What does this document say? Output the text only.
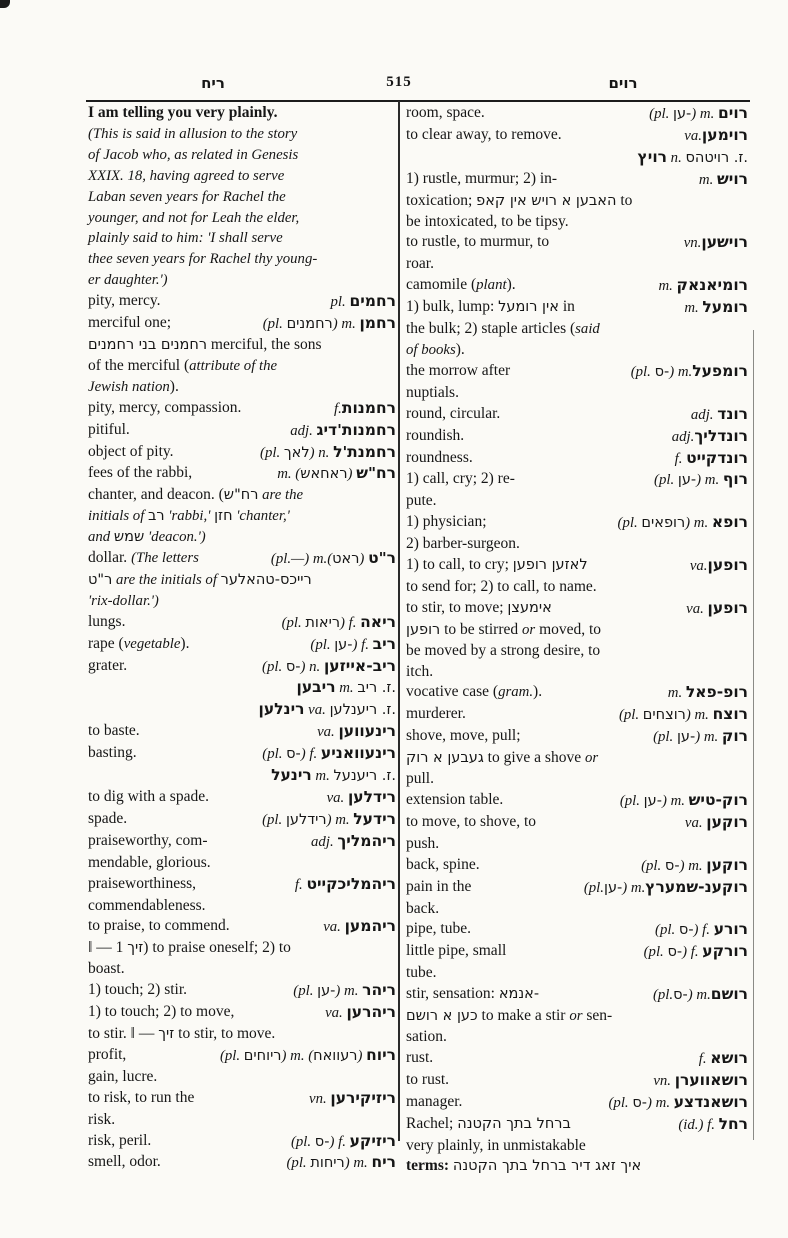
ריח	515	רוים
I am telling you very plainly.
(This is said in allusion to the story
of Jacob who, as related in Genesis
XXIX. 18, having agreed to serve
Laban seven years for Rachel the
younger, and not for Leah the elder,
plainly said to him: 'I shall serve
thee seven years for Rachel thy young-
er daughter.')
pity, mercy.	pl. רחמים
merciful one;	(pl. רחמנים) m. רחמן
רחמנים בני רחמנים merciful, the sons
of the merciful (attribute of the
Jewish nation).
pity, mercy, compassion.	f.רחמנות
pitiful.	adj. רחמנות'דיג
object of pity.	(pl. לאך) n. רחמנת'ל
fees of the rabbi,	m. (ראחאש) רח"ש
chanter, and deacon. (רח"ש are the
initials of רב 'rabbi,' חזן 'chanter,'
and שמש 'deacon.')
dollar. (The letters	(pl.—) m.(ראט) ר"ט
ר"ט are the initials of רייכס-טהאלער
'rix-dollar.')
lungs.	(pl. ריאות) f. ריאה
rape (vegetable).	(pl. ען-) f. ריב
grater.	(pl. ס-) n. ריב-אייזען
ריבען m. ז. ריב.
רינלען va. ז. ריענלען.
to baste.	va. רינעווען
basting.	(pl. ס-) f. רינעוואניע
רינעל m. ז. ריענעל.
to dig with a spade.	va. רידלען
spade.	(pl. רידלען) m. רידעל
praiseworthy, com-	adj. ריהמליך
mendable, glorious.
praiseworthiness,	f. ריהמליכקייט
commendableness.
to praise, to commend.	va. ריהמען
‖ — זיך 1) to praise oneself; 2) to
boast.
1) touch; 2) stir.	(pl. ען-) m. ריהר
1) to touch; 2) to move,	va. ריהרען
to stir. ‖ — זיך to stir, to move.
profit,	(pl. ריוחים) m. (רעוואח) ריוח
gain, lucre.
to risk, to run the	vn. ריזיקירען
risk.
risk, peril.	(pl. ס-) f. ריזיקע
smell, odor.	(pl. ריחות) m. ריח
room, space.	(pl. ען-) m. רוים
to clear away, to remove.	va.רוימען
רויץ n. ז. רויטהס.
1) rustle, murmur; 2) in-	m. רויש
toxication; האבען א רויש אין קאפ to
be intoxicated, to be tipsy.
to rustle, to murmur, to	vn.רוישען
roar.
camomile (plant).	m. רומיאנאק
1) bulk, lump: אין רומעל in	m. רומעל
the bulk; 2) staple articles (said
of books).
the morrow after	(pl. ס-) m.רומפעל
nuptials.
round, circular.	adj. רונד
roundish.	adj.רונדליך
roundness.	f. רונדקייט
1) call, cry; 2) re-	(pl. ען-) m. רוף
pute.
1) physician;	(pl. רופאים) m. רופא
2) barber-surgeon.
1) to call, to cry; לאזען רופען	va.רופען
to send for; 2) to call, to name.
to stir, to move; אימעצן	va. רופען
רופען to be stirred or moved, to
be moved by a strong desire, to
itch.
vocative case (gram.).	m. רופ-פאל
murderer.	(pl. רוצחים) m. רוצח
shove, move, pull;	(pl. ען-) m. רוק
געבען א רוק to give a shove or
pull.
extension table.	(pl. ען-) m. רוק-טיש
to move, to shove, to	va. רוקען
push.
back, spine.	(pl. ס-) m. רוקען
pain in the	(pl.ען-) m.רוקענ-שמערץ
back.
pipe, tube.	(pl. ס-) f. רורע
little pipe, small	(pl. ס-) f. רורקע
tube.
stir, sensation: אנמא-	(pl.ס-) m.רושם
כען א רושם to make a stir or sen-
sation.
rust.	f. רושא
to rust.	vn. רושאווערן
manager.	(pl. ס-) m. רושאנדצע
Rachel; ברחל בתך הקטנה	(id.) f. רחל
very plainly, in unmistakable
terms: איך זאג דיר ברחל בתך הקטנה
